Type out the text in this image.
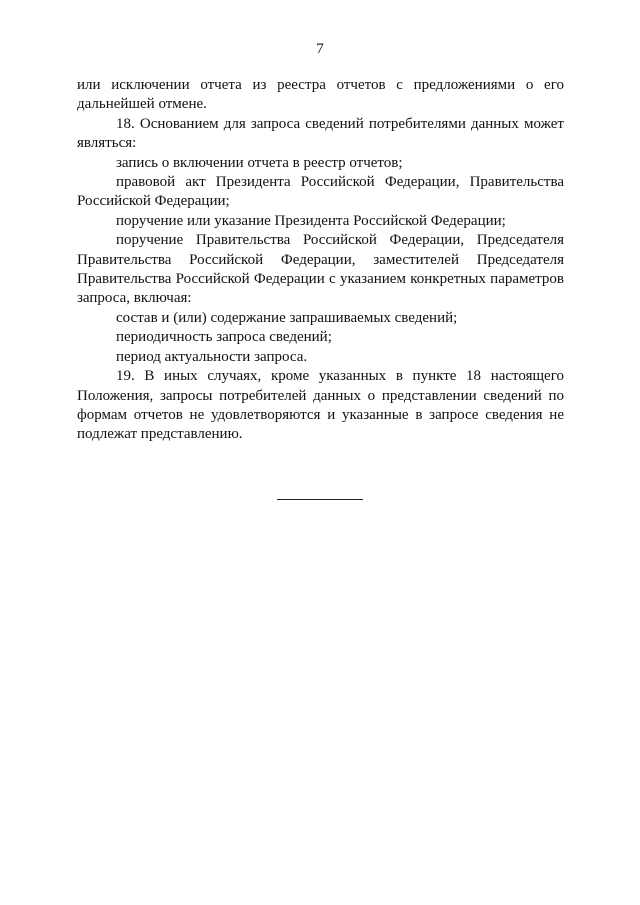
7

или исключении отчета из реестра отчетов с предложениями о его дальнейшей отмене.

18. Основанием для запроса сведений потребителями данных может являться:

запись о включении отчета в реестр отчетов;

правовой акт Президента Российской Федерации, Правительства Российской Федерации;

поручение или указание Президента Российской Федерации;

поручение Правительства Российской Федерации, Председателя Правительства Российской Федерации, заместителей Председателя Правительства Российской Федерации с указанием конкретных параметров запроса, включая:

состав и (или) содержание запрашиваемых сведений;

периодичность запроса сведений;

период актуальности запроса.

19. В иных случаях, кроме указанных в пункте 18 настоящего Положения, запросы потребителей данных о представлении сведений по формам отчетов не удовлетворяются и указанные в запросе сведения не подлежат представлению.
